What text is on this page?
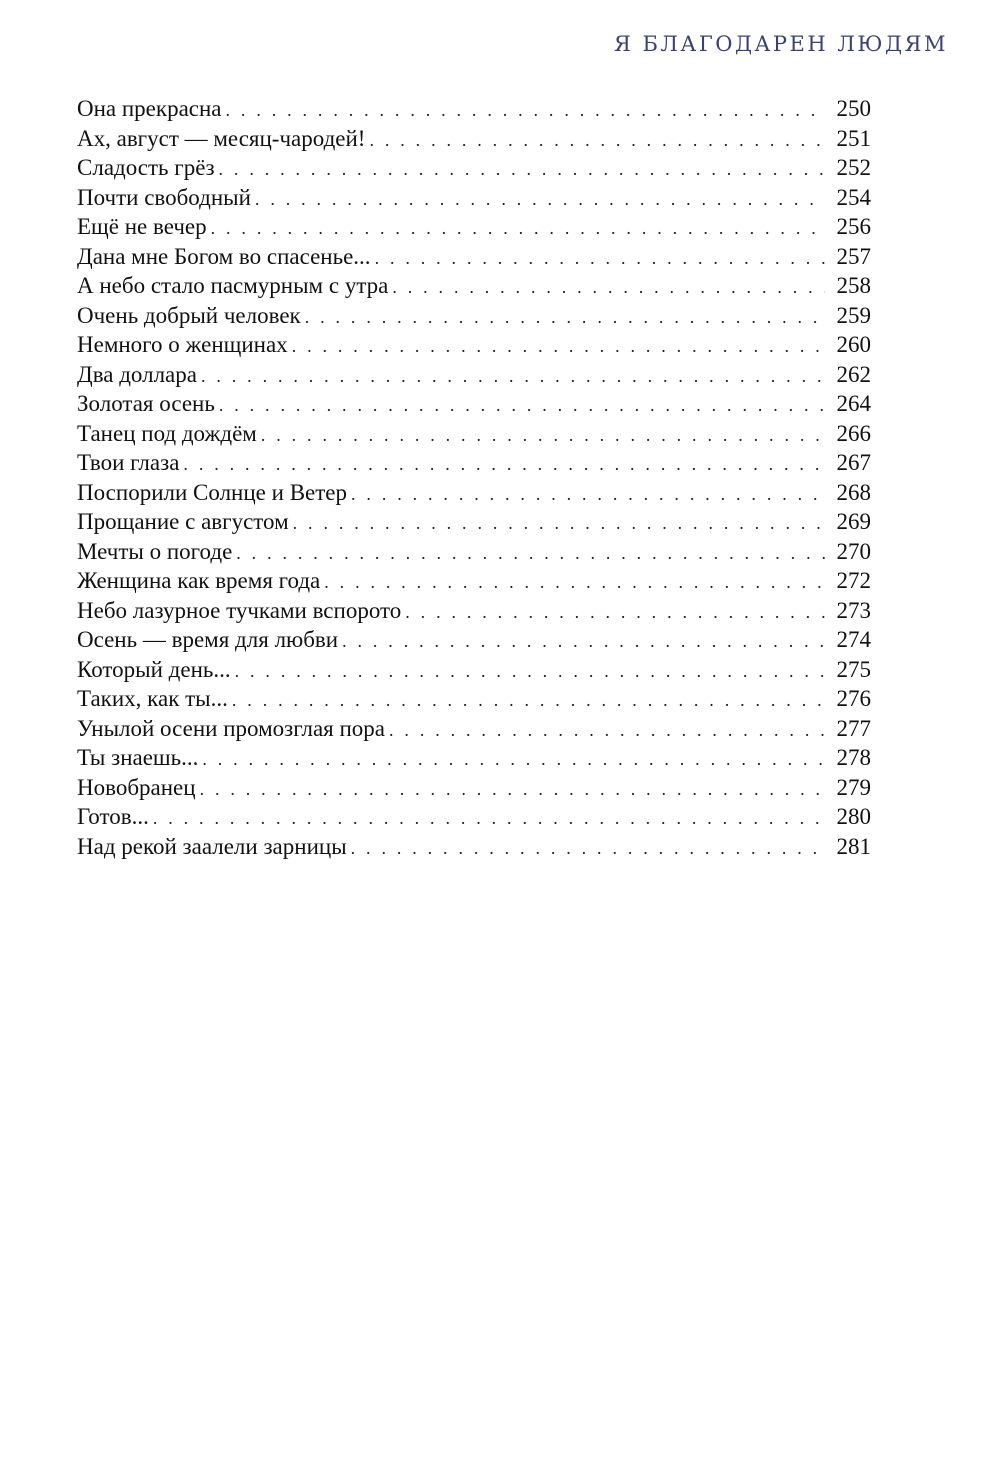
Я БЛАГОДАРЕН ЛЮДЯМ
Она прекрасна . . .	250
Ах, август — месяц-чародей! . . .	251
Сладость грёз . . .	252
Почти свободный . . .	254
Ещё не вечер . . .	256
Дана мне Богом во спасенье... . . .	257
А небо стало пасмурным с утра . . .	258
Очень добрый человек . . .	259
Немного о женщинах . . .	260
Два доллара . . .	262
Золотая осень . . .	264
Танец под дождём . . .	266
Твои глаза . . .	267
Поспорили Солнце и Ветер . . .	268
Прощание с августом . . .	269
Мечты о погоде . . .	270
Женщина как время года . . .	272
Небо лазурное тучками вспорото . . .	273
Осень — время для любви . . .	274
Который день... . . .	275
Таких, как ты... . . .	276
Унылой осени промозглая пора . . .	277
Ты знаешь... . . .	278
Новобранец . . .	279
Готов... . . .	280
Над рекой заалели зарницы . . .	281
